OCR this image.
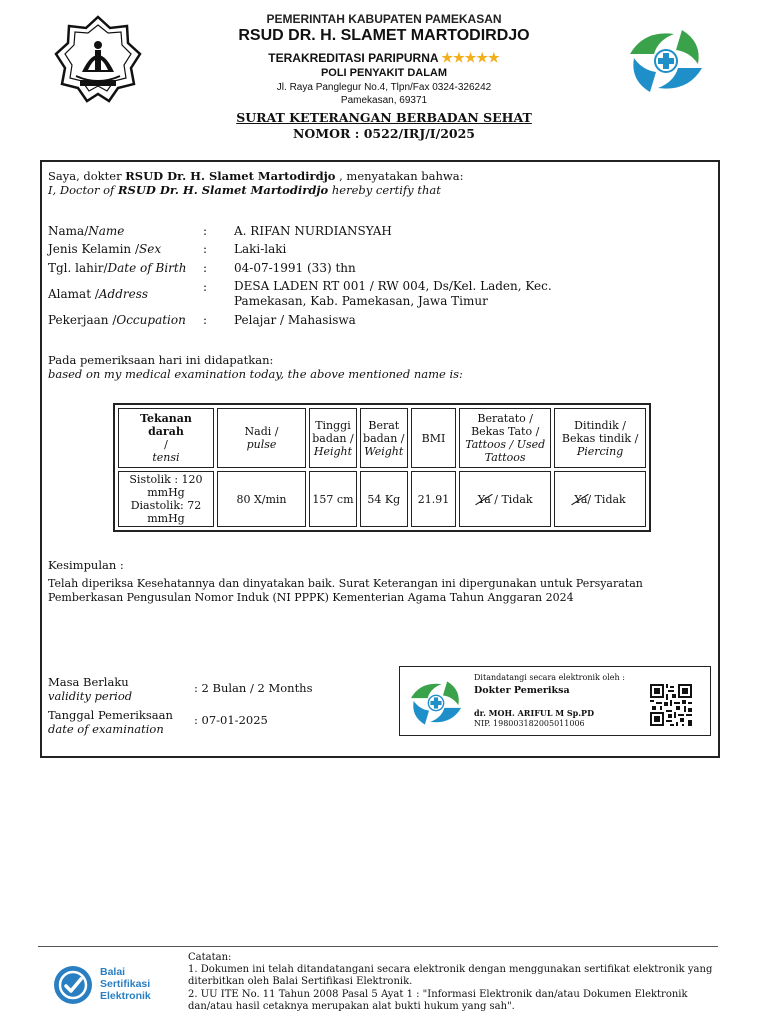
PEMERINTAH KABUPATEN PAMEKASAN
RSUD DR. H. SLAMET MARTODIRDJO
TERAKREDITASI PARIPURNA ★★★★★
POLI PENYAKIT DALAM
Jl. Raya Panglegur No.4, Tlpn/Fax 0324-326242
Pamekasan, 69371
SURAT KETERANGAN BERBADAN SEHAT
NOMOR : 0522/IRJ/I/2025
Saya, dokter RSUD Dr. H. Slamet Martodirdjo , menyatakan bahwa:
I, Doctor of RSUD Dr. H. Slamet Martodirdjo hereby certify that
Nama/Name	: A. RIFAN NURDIANSYAH
Jenis Kelamin /Sex	: Laki-laki
Tgl. lahir/Date of Birth : 04-07-1991 (33) thn
Alamat /Address	: DESA LADEN RT 001 / RW 004, Ds/Kel. Laden, Kec.
Pamekasan, Kab. Pamekasan, Jawa Timur
Pekerjaan /Occupation : Pelajar / Mahasiswa
Pada pemeriksaan hari ini didapatkan:
based on my medical examination today, the above mentioned name is:
Tekanan darah
/
tensi	Nadi /
pulse	Tinggi
badan /
Height	Berat
badan /
Weight	BMI	Beratato /
Bekas Tato /
Tattoos / Used
Tattoos	Ditindik /
Bekas tindik /
Piercing
Sistolik : 120
mmHg
Diastolik: 72
mmHg	80 X/min	157 cm	54 Kg	21.91	Ya / Tidak	Ya/ Tidak
Kesimpulan :
Telah diperiksa Kesehatannya dan dinyatakan baik. Surat Keterangan ini dipergunakan untuk Persyaratan
Pemberkasan Pengusulan Nomor Induk (NI PPPK) Kementerian Agama Tahun Anggaran 2024
Masa Berlaku
validity period
: 2 Bulan / 2 Months
Tanggal Pemeriksaan
date of examination
: 07-01-2025
Ditandatangi secara elektronik oleh :
Dokter Pemeriksa
dr. MOH. ARIFUL M Sp.PD
NIP. 198003182005011006
Balai
Sertifikasi
Elektronik
Catatan:
1. Dokumen ini telah ditandatangani secara elektronik dengan menggunakan sertifikat elektronik yang
diterbitkan oleh Balai Sertifikasi Elektronik.
2. UU ITE No. 11 Tahun 2008 Pasal 5 Ayat 1 : "Informasi Elektronik dan/atau Dokumen Elektronik
dan/atau hasil cetaknya merupakan alat bukti hukum yang sah".
